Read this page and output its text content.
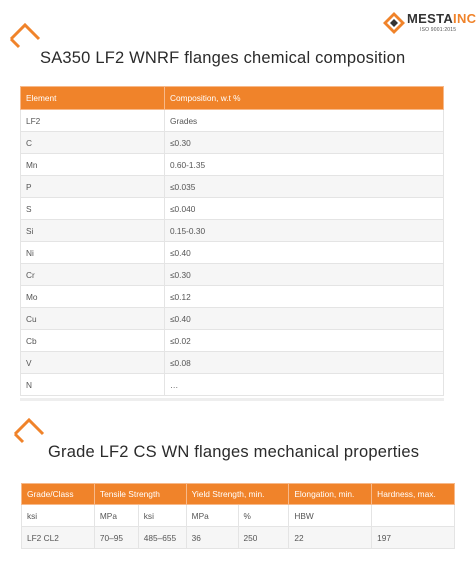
MESTAINC
ISO 9001:2015
SA350 LF2 WNRF flanges chemical composition
Element	Composition, w.t %
LF2	Grades
C	≤0.30
Mn	0.60-1.35
P	≤0.035
S	≤0.040
Si	0.15-0.30
Ni	≤0.40
Cr	≤0.30
Mo	≤0.12
Cu	≤0.40
Cb	≤0.02
V	≤0.08
N	…
Grade LF2 CS WN flanges mechanical properties
Grade/Class	Tensile Strength		Yield Strength, min.		Elongation, min.	Hardness, max.
ksi	MPa	ksi	MPa	%	HBW	
LF2 CL2	70–95	485–655	36	250	22	197
